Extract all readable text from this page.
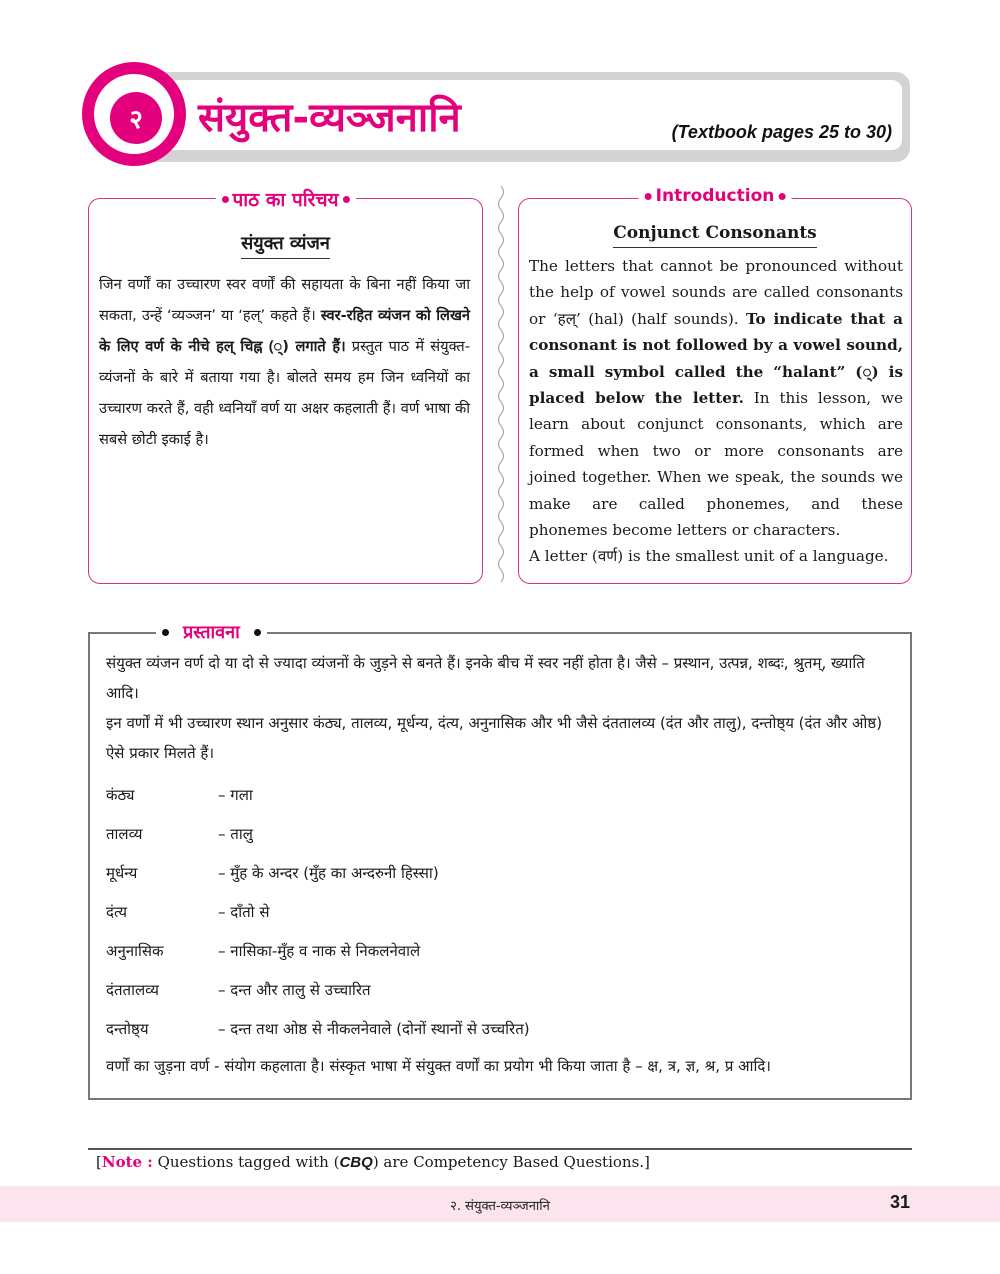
२	संयुक्त-व्यञ्जनानि	(Textbook pages 25 to 30)
पाठ का परिचय
संयुक्त व्यंजन

जिन वर्णों का उच्चारण स्वर वर्णों की सहायता के बिना नहीं किया जा सकता, उन्हें ‘व्यञ्जन’ या ‘हल्’ कहते हैं। स्वर-रहित व्यंजन को लिखने के लिए वर्ण के नीचे हल् चिह्न (्) लगाते हैं। प्रस्तुत पाठ में संयुक्त-व्यंजनों के बारे में बताया गया है। बोलते समय हम जिन ध्वनियों का उच्चारण करते हैं, वही ध्वनियाँ वर्ण या अक्षर कहलाती हैं। वर्ण भाषा की सबसे छोटी इकाई है।

Introduction
Conjunct Consonants

The letters that cannot be pronounced without the help of vowel sounds are called consonants or ‘हल्’ (hal) (half sounds). To indicate that a consonant is not followed by a vowel sound, a small symbol called the “halant” (्) is placed below the letter. In this lesson, we learn about conjunct consonants, which are formed when two or more consonants are joined together. When we speak, the sounds we make are called phonemes, and these phonemes become letters or characters.

A letter (वर्ण) is the smallest unit of a language.

प्रस्तावना

संयुक्त व्यंजन वर्ण दो या दो से ज्यादा व्यंजनों के जुड़ने से बनते हैं। इनके बीच में स्वर नहीं होता है। जैसे – प्रस्थान, उत्पन्न, शब्दः, श्रुतम्, ख्याति आदि।

इन वर्णों में भी उच्चारण स्थान अनुसार कंठ्य, तालव्य, मूर्धन्य, दंत्य, अनुनासिक और भी जैसे दंततालव्य (दंत और तालु), दन्तोष्ठ्य (दंत और ओष्ठ) ऐसे प्रकार मिलते हैं।

कंठ्य	– गला
तालव्य	– तालु
मूर्धन्य	– मुँह के अन्दर (मुँह का अन्दरुनी हिस्सा)
दंत्य	– दाँतो से
अनुनासिक	– नासिका-मुँह व नाक से निकलनेवाले
दंततालव्य	– दन्त और तालु से उच्चारित
दन्तोष्ठ्य	– दन्त तथा ओष्ठ से नीकलनेवाले (दोनों स्थानों से उच्चरित)

वर्णों का जुड़ना वर्ण - संयोग कहलाता है। संस्कृत भाषा में संयुक्त वर्णों का प्रयोग भी किया जाता है – क्ष, त्र, ज्ञ, श्र, प्र आदि।

[Note : Questions tagged with (CBQ) are Competency Based Questions.]
२. संयुक्त-व्यञ्जनानि	31
